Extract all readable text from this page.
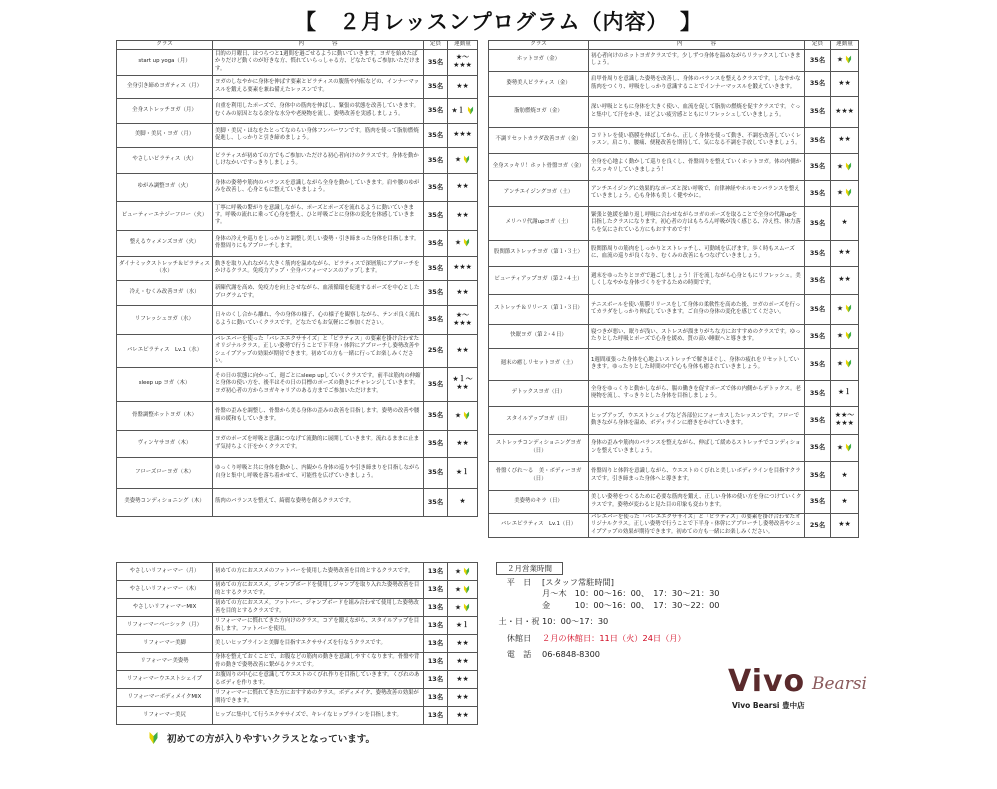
【　２月レッスンプログラム（内容）　】
クラス	内　　　　　容	定員	運動量
start up yoga（月）	目的の月曜日、はつらつと1週間を過ごせるように動いていきます。ヨガを始めたばかりだけど動くのが好きな方、慣れていらっしゃる方、どなたでもご参加いただけます。	35名	★～★★★
全身引き締めヨガティス（月）	ヨガのしなやかに身体を伸ばす要素とピラティスの腹筋や内転などの、インナーマッスルを鍛える要素を兼ね備えたレッスンです。	35名	★★
全身ストレッチヨガ（月）	自重を利用したポーズで、身体中の筋肉を伸ばし、緊張の状態を改善していきます。むくみの原因となる余分な水分や老廃物を流し、姿勢改善を実感しましょう。	35名	★ｌ
美脚・美尻・ヨガ（月）	美脚・美尻・ほなをたとってなのらい身体フンパーワンです。筋肉を使って脂肪燃焼促進し、しっかりと引き締めましょう。	35名	★★★
やさしいピラティス（火）	ピラティスが初めての方でもご参加いただける初心者向けのクラスです。身体を動かしけなかいですっきりしましょう。	35名	★
ゆがみ調整ヨガ（火）	身体の姿勢や筋肉のバランスを意識しながら全身を動かしていきます。肩や腰のゆがみを改善し、心身ともに整えていきましょう。	35名	★★
ビューティーエナジーフロー（火）	丁寧に呼吸の繋がりを意識しながら、ポーズとポーズを流れるように動いていきます。呼吸の流れに乗って心身を整え、ひと呼吸ごとに身体の変化を体感していきます。	35名	★★
整えるウィメンズヨガ（火）	身体の冷えや巡りをしっかりと調整し美しい姿勢・引き締まった身体を目指します。骨盤周りにもアプローチします。	35名	★
ダイナミックストレッチ＆ピラティス（水）	動きを取り入れながら大きく筋肉を温めながら、ピラティスで深層筋にアプローチをかけるクラス。免疫力アップ・全身パフォーマンスのアップします。	35名	★★★
冷え・むくみ改善ヨガ（水）	新陳代謝を高め、免疫力を向上させながら、血液循環を促進するポーズを中心としたプログラムです。	35名	★★
リフレッシュヨガ（水）	日々のくし合から離れ、今の身体の様子、心の様子を観察しながら、テンポ良く流れるように動いていくクラスです。どなたでもお気軽にご参加ください。	35名	★～★★★
バレエピラティス　Lv.1（水）	バレエバーを使った「バレエエクササイズ」と「ピラティス」の要素を掛け合わせたオリジナルクラス。正しい姿勢で行うことで下半身・体幹にアプローチし姿勢改善やシェイプアップの効果が期待できます。初めての方も一緒に行ってお楽しみください。	25名	★★
sleep up ヨガ（木）	その日の状態に向かって、週ごとにsleep upしていくクラスです。前半は筋肉の伸縮と身体の使い方を、後半はその日の目標のポーズの動きにチャレンジしていきます。ヨガ初心者の方からヨガキャリアのある方までご参加いただけます。	35名	★ｌ～★★
骨盤調整ホットヨガ（木）	骨盤の歪みを調整し、骨盤から美る身体の歪みの改善を目指します。姿勢の改善や腰痛の緩和もしていきます。	35名	★
ヴィンヤサヨガ（木）	ヨガのポーズを呼吸と意識につなげて流動的に展開していきます。流れるままに止まず気持ちよく汗をかくクラスです。	35名	★★
フローズローヨガ（木）	ゆっくり呼吸と共に身体を動かし、内観から身体の巡りや引き締まりを目指しながら自身と集中し呼吸を落ち着かせて、可能性を広げていきましょう。	35名	★ｌ
美姿勢コンディショニング（木）	筋肉のバランスを整えて、綺麗な姿勢を創るクラスです。	35名	★
クラス	内　　　　　容	定員	運動量
ホットヨガ（金）	初心者向けのホットヨガクラスです。少しずつ身体を温めながらリラックスしていきましょう。	35名	★
姿勢美人ピラティス（金）	肩甲骨周りを意識した姿勢を改善し、身体のバランスを整えるクラスです。しなやかな筋肉をつくり、呼吸をしっかり意識することでインナーマッスルを鍛えていきます。	35名	★★
脂肪燃焼ヨガ（金）	深い呼吸とともに身体を大きく使い、血流を促して脂肪の燃焼を促すクラスです。ぐっと集中して汗をかき、ほどよい疲労感とともにリフレッシュしていきましょう。	35名	★★★
不調リセットカラダ改善ヨガ（金）	コリトレを使い筋膜を伸ばしてから、正しく身体を使って動き、不調を改善していくレッスン。肩こり、腰痛、便秘改善を期待して、気になる不調を手放していきましょう。	35名	★★
全身スッキリ！ホット骨盤ヨガ（金）	全身を心地よく動かして巡りを良くし、骨盤周りを整えていくホットヨガ。体の内側からスッキリしていきましょう！	35名	★
アンチエイジングヨガ（土）	アンチエイジングに効果的なポーズと深い呼吸で、自律神経やホルモンバランスを整えていきましょう。心も身体も美しく健やかに。	35名	★
メリハリ代謝upヨガ（土）	緊張と弛緩を繰り返し呼吸に合わせながらヨガのポーズを取ることで全身の代謝upを目指したクラスになります。初心者の方はもちろん呼吸が浅く感じる、冷え性、体力落ちを気にされている方にもおすすめです！	35名	★
股関節ストレッチヨガ（第１･３土）	股関節周りの筋肉をしっかりとストレッチし、可動域を広げます。歩く時もスムーズに、血流の巡りが良くなり、むくみの改善にもつなげていきましょう。	35名	★★
ビューティアップヨガ（第２･４土）	週末をゆったりとヨガで過ごしましょう！汗を流しながら心身ともにリフレッシュ。美しくしなやかな身体づくりをするための時間です。	35名	★★
ストレッチ＆リリース（第１･３日）	テニスボールを使い筋膜リリースをして身体の柔軟性を高めた後、ヨガのポーズを行ってカラダをしっかり伸ばしていきます。ご自身の身体の変化を感じてください。	35名	★
快眠ヨガ（第２･４日）	寝つきが悪い、眠りが浅い、ストレスが溜まりがちな方におすすめのクラスです。ゆったりとした呼吸とポーズで心身を緩め、質の高い睡眠へと導きます。	35名	★
週末の癒しリセットヨガ（土）	1週間頑張った身体を心地よいストレッチで解きほぐし、身体の疲れをリセットしていきます。ゆったりとした時間の中で心も身体も癒されていきましょう。	35名	★
デトックスヨガ（日）	全身をゆっくりと動かしながら、腸の働きを促すポーズで体の内側からデトックス。老廃物を流し、すっきりとした身体を目指しましょう。	35名	★ｌ
スタイルアップヨガ（日）	ヒップアップ、ウエストシェイプなど各部位にフォーカスしたレッスンです。フローで動きながら身体を温め、ボディラインに磨きをかけていきます。	35名	★★～★★★
ストレッチコンディショニングヨガ（日）	身体の歪みや筋肉のバランスを整えながら、伸ばして緩めるストレッチでコンディションを整えていきましょう。	35名	★
骨盤くびれ～る　美・ボディーヨガ（日）	骨盤周りと体幹を意識しながら、ウエストのくびれと美しいボディラインを目指すクラスです。引き締まった身体へと導きます。	35名	★
美姿勢のキラ（日）	美しい姿勢をつくるために必要な筋肉を鍛え、正しい身体の使い方を身につけていくクラスです。姿勢が変わると見た目の印象も変わります。	35名	★
バレエピラティス　Lv.1（日）	バレエバーを使った「バレエエクササイズ」と「ピラティス」の要素を掛け合わせたオリジナルクラス。正しい姿勢で行うことで下半身・体幹にアプローチし姿勢改善やシェイプアップの効果が期待できます。初めての方も一緒にお楽しみください。	25名	★★
やさしいリフォーマー（月）	初めての方におススメのフットバーを使用した姿勢改善を目的とするクラスです。	13名	★
やさしいリフォーマー（木）	初めての方におススメ。ジャンプボードを使用しジャンプを取り入れた姿勢改善を目的とするクラスです。	13名	★
やさしいリフォーマーMIX	初めての方におススメ。フットバー、ジャンプボードを組み合わせて使用した姿勢改善を目的とするクラスです。	13名	★
リフォーマーベーシック（月）	リフォーマーに慣れてきた方向けのクラス。コアを鍛えながら、スタイルアップを目指します。フットバーを使用。	13名	★ｌ
リフォーマー美脚	美しいヒップラインと美脚を目指すエクササイズを行なうクラスです。	13名	★★
リフォーマー美姿勢	身体を整えておくことで、お腹などの筋肉の動きを意識しやすくなります。骨盤や背骨の動きで姿勢改善に繋がるクラスです。	13名	★★
リフォーマーウエストシェイプ	お腹周りの中心にを意識してウエストのくびれ作りを目指していきます。くびれのあるボディを作ります。	13名	★★
リフォーマーボディメイクMIX	リフォーマーに慣れてきた方におすすめのクラス。ボディメイク、姿勢改善の効果が期待できます。	13名	★★
リフォーマー美尻	ヒップに集中して行うエクササイズで、キレイなヒップラインを目指します。	13名	★★
初めての方が入りやすいクラスとなっています。
２月営業時間
平　日	[スタッフ常駐時間]
月～木　10：00～16：00、　17：30～21：30
金　　　10：00～16：00、　17：30～22：00
土・日・祝 10：00～17：30
休館日	２月の休館日：11日（火）24日（月）
電　話	06-6848-8300
Vivo Bearsi
Vivo Bearsi 豊中店
